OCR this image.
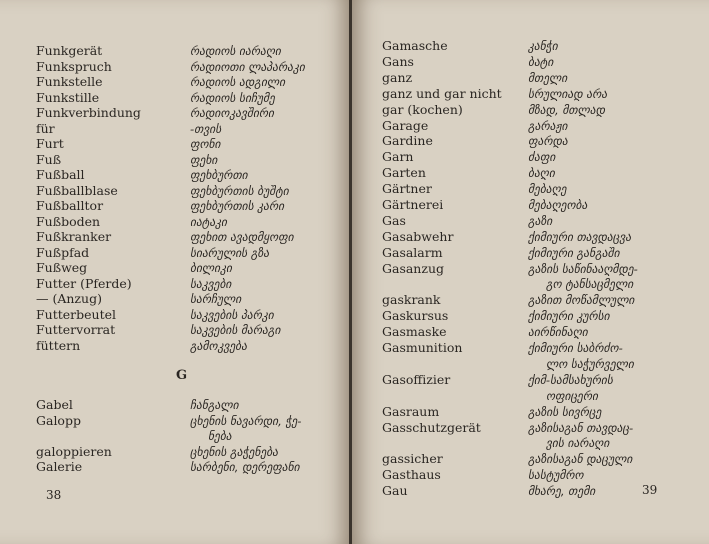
Funkgerät	რადიოს იარაღი
Funkspruch	რადიოთი ლაპარაკი
Funkstelle	რადიოს ადგილი
Funkstille	რადიოს სიჩუმე
Funkverbindung	რადიოკავშირი
für	-თვის
Furt	ფონი
Fuß	ფეხი
Fußball	ფეხბურთი
Fußballblase	ფეხბურთის ბუშტი
Fußballtor	ფეხბურთის კარი
Fußboden	იატაკი
Fußkranker	ფეხით ავადმყოფი
Fußpfad	სიარულის გზა
Fußweg	ბილიკი
Futter (Pferde)	საკვები
— (Anzug)	სარჩული
Futterbeutel	საკვების პარკი
Futtervorrat	საკვების მარაგი
füttern	გამოკვება
G
Gabel	ჩანგალი
Galopp	ცხენის ნავარდი, ჭე-
ნება
galoppieren	ცხენის გაჭენება
Galerie	სარბენი, დერეფანი
38
Gamasche	კანჭი
Gans	ბატი
ganz	მთელი
ganz und gar nicht სრულიად არა
gar (kochen)	მზად, მთლად
Garage	გარაჟი
Gardine	ფარდა
Garn	ძაფი
Garten	ბაღი
Gärtner	მებაღე
Gärtnerei	მებაღეობა
Gas	გაზი
Gasabwehr	ქიმიური თავდაცვა
Gasalarm	ქიმიური განგაში
Gasanzug	გაზის საწინააღმდე-
გო ტანსაცმელი
gaskrank	გაზით მოწამლული
Gaskursus	ქიმიური კურსი
Gasmaske	აირწინაღი
Gasmunition	ქიმიური საბრძო-
ლო საჭურველი
Gasoffizier	ქიმ-სამსახურის
ოფიცერი
Gasraum	გაზის სივრცე
Gasschutzgerät	გაზისაგან თავდაც-
ვის იარაღი
gassicher	გაზისაგან დაცული
Gasthaus	სასტუმრო
Gau	მხარე, თემი	39
